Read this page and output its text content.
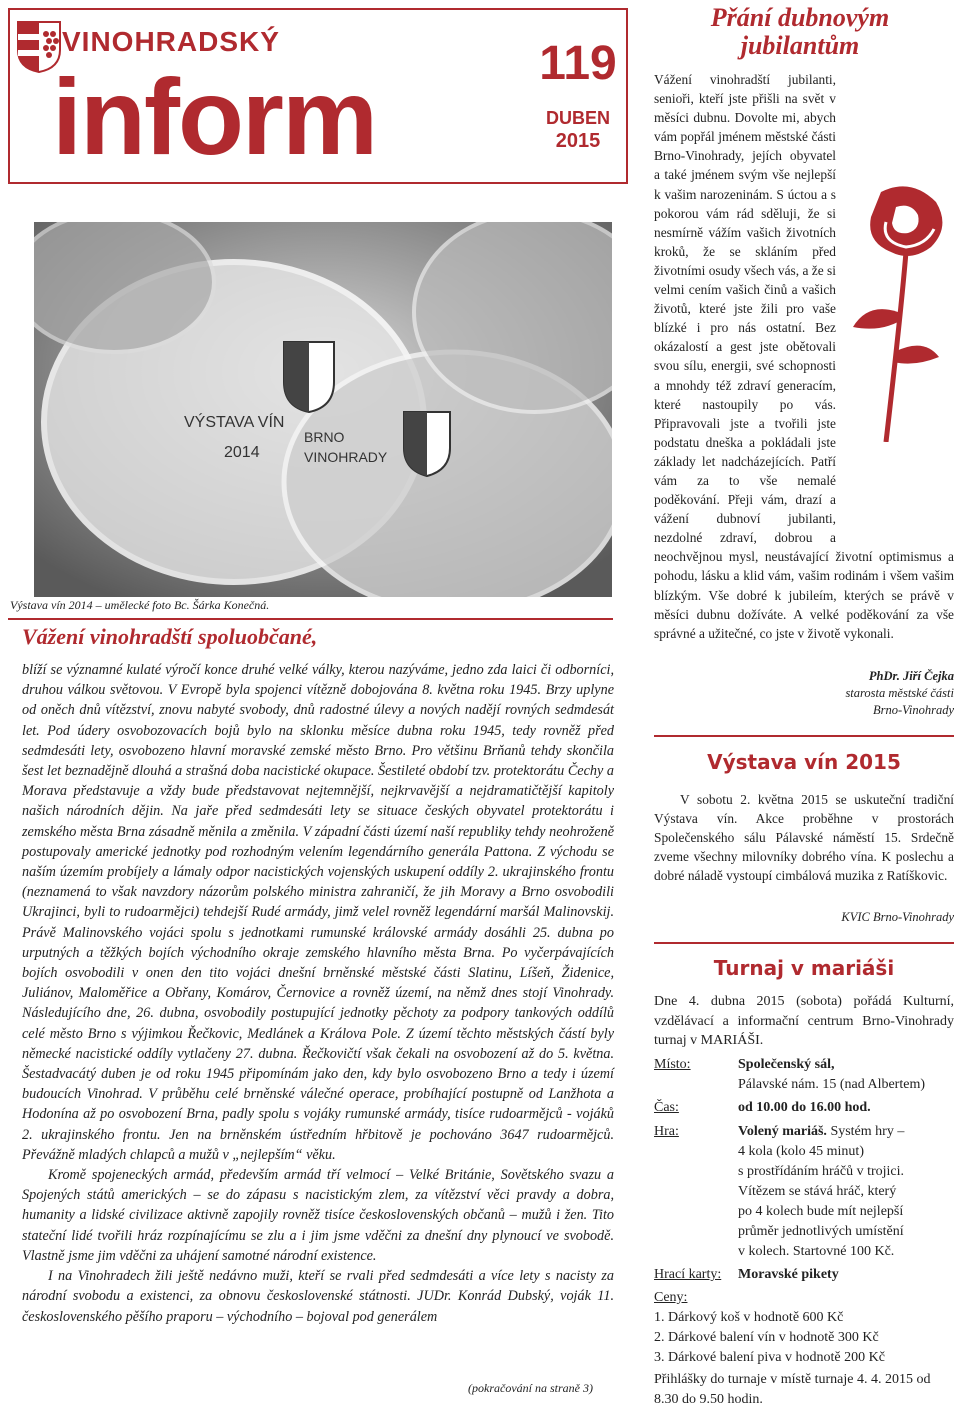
VINOHRADSKÝ
inform	119
DUBEN
2015
VÝSTAVA VÍN
2014
BRNO
VINOHRADY
Výstava vín 2014 – umělecké foto Bc. Šárka Konečná.
Vážení vinohradští spoluobčané,

blíží se významné kulaté výročí konce druhé velké války, kterou nazýváme, jedno zda laici či odborníci, druhou válkou světovou. V Evropě byla spojenci vítězně dobojována 8. května roku 1945. Brzy uplyne od oněch dnů vítězství, znovu nabyté svobody, dnů radostné úlevy a nových nadějí rovných sedmdesát let. Pod údery osvobozovacích bojů bylo na sklonku měsíce dubna roku 1945, tedy rovněž před sedmdesáti lety, osvobozeno hlavní moravské zemské město Brno. Pro většinu Brňanů tehdy skončila šest let beznadějně dlouhá a strašná doba nacistické okupace. Šestileté období tzv. protektorátu Čechy a Morava představuje a vždy bude představovat nejtemnější, nejkrvavější a nejdramatičtější kapitoly našich národních dějin. Na jaře před sedmdesáti lety se situace českých obyvatel protektorátu i zemského města Brna zásadně měnila a změnila. V západní části území naší republiky tehdy neohroženě postupovaly americké jednotky pod rozhodným velením legendárního generála Pattona. Z východu se naším územím probíjely a lámaly odpor nacistických vojenských uskupení oddíly 2. ukrajinského frontu (neznamená to však navzdory názorům polského ministra zahraničí, že jih Moravy a Brno osvobodili Ukrajinci, byli to rudoarmějci) tehdejší Rudé armády, jimž velel rovněž legendární maršál Malinovskij. Právě Malinovského vojáci spolu s jednotkami rumunské královské armády dosáhli 25. dubna po urputných a těžkých bojích východního okraje zemského hlavního města Brna. Po vyčerpávajících bojích osvobodili v onen den tito vojáci dnešní brněnské městské části Slatinu, Líšeň, Židenice, Juliánov, Maloměřice a Obřany, Komárov, Černovice a rovněž území, na němž dnes stojí Vinohrady. Následujícího dne, 26. dubna, osvobodily postupující jednotky pěchoty za podpory tankových oddílů celé město Brno s výjimkou Řečkovic, Medlánek a Králova Pole. Z území těchto městských částí byly německé nacistické oddíly vytlačeny 27. dubna. Řečkovičtí však čekali na osvobození až do 5. května. Šestadvacátý duben je od roku 1945 připomínám jako den, kdy bylo osvobozeno Brno a tedy i území budoucích Vinohrad. V průběhu celé brněnské válečné operace, probíhající postupně od Lanžhota a Hodonína až po osvobození Brna, padly spolu s vojáky rumunské armády, tisíce rudoarmějců - vojáků 2. ukrajinského frontu. Jen na brněnském ústředním hřbitově je pochováno 3647 rudoarmějců. Převážně mladých chlapců a mužů v „nejlepším“ věku.

Kromě spojeneckých armád, především armád tří velmocí – Velké Británie, Sovětského svazu a Spojených států amerických – se do zápasu s nacistickým zlem, za vítězství věci pravdy a dobra, humanity a lidské civilizace aktivně zapojily rovněž tisíce československých občanů – mužů i žen. Tito stateční lidé tvořili hráz rozpínajícímu se zlu a i jim jsme vděčni za dnešní dny plynoucí ve svobodě. Vlastně jsme jim vděčni za uhájení samotné národní existence.

I na Vinohradech žili ještě nedávno muži, kteří se rvali před sedmdesáti a více lety s nacisty za národní svobodu a existenci, za obnovu československé státnosti. JUDr. Konrád Dubský, voják 11. československého pěšího praporu – východního – bojoval pod generálem

(pokračování na straně 3)
Přání dubnovým jubilantům
Vážení vinohradští jubilanti, senioři, kteří jste přišli na svět v měsíci dubnu. Dovolte mi, abych vám popřál jménem městské části Brno-Vinohrady, jejích obyvatel a také jménem svým vše nejlepší k vašim narozeninám. S úctou a s pokorou vám rád sděluji, že si nesmírně vážím vašich životních kroků, že se skláním před životními osudy všech vás, a že si velmi cením vašich činů a vašich životů, které jste žili pro vaše blízké i pro nás ostatní. Bez okázalostí a gest jste obětovali svou sílu, energii, své schopnosti a mnohdy též zdraví generacím, které nastoupily po vás. Připravovali jste a tvořili jste podstatu dneška a pokládali jste základy let nadcházejících. Patří vám za to vše nemalé poděkování. Přeji vám, drazí a vážení dubnoví jubilanti, nezdolné zdraví, dobrou a neochvějnou mysl, neustávající životní optimismus a pohodu, lásku a klid vám, vašim rodinám i všem vašim blízkým. Vše dobré k jubileím, kterých se právě v měsíci dubnu dožíváte. A velké poděkování za vše správné a užitečné, co jste v životě vykonali.
PhDr. Jiří Čejka
starosta městské části
Brno-Vinohrady
Výstava vín 2015

V sobotu 2. května 2015 se uskuteční tradiční Výstava vín. Akce proběhne v prostorách Společenského sálu Pálavské náměstí 15. Srdečně zveme všechny milovníky dobrého vína. K poslechu a dobré náladě vystoupí cimbálová muzika z Ratíškovic.

KVIC Brno-Vinohrady
Turnaj v mariáši
Dne 4. dubna 2015 (sobota) pořádá Kulturní, vzdělávací a informační centrum Brno-Vinohrady turnaj v MARIÁŠI.
Místo:	Společenský sál,
Pálavské nám. 15 (nad Albertem)
Čas:	od 10.00 do 16.00 hod.
Hra:	Volený mariáš. Systém hry –
4 kola (kolo 45 minut)
s prostřídáním hráčů v trojici.
Vítězem se stává hráč, který
po 4 kolech bude mít nejlepší
průměr jednotlivých umístění
v kolech. Startovné 100 Kč.
Hrací karty: Moravské pikety
Ceny:
1. Dárkový koš v hodnotě 600 Kč
2. Dárkové balení vín v hodnotě 300 Kč
3. Dárkové balení piva v hodnotě 200 Kč
Přihlášky do turnaje v místě turnaje 4. 4. 2015 od 8.30 do 9.50 hodin.
